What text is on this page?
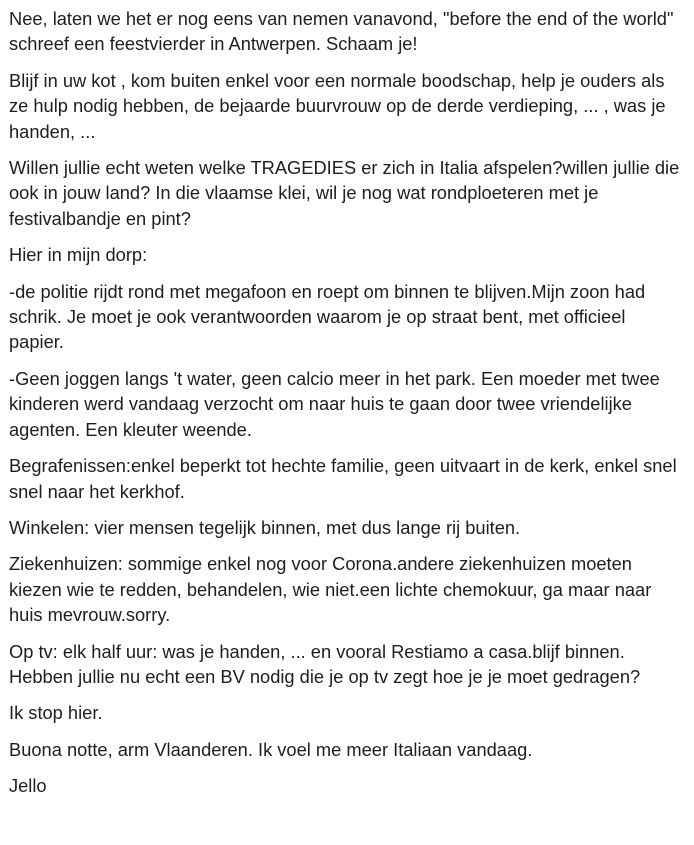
Nee, laten we het er nog eens van nemen vanavond, "before the end of the world" schreef een feestvierder in Antwerpen. Schaam je!

Blijf in uw kot , kom buiten enkel voor een normale boodschap, help je ouders als ze hulp nodig hebben, de bejaarde buurvrouw op de derde verdieping, ... , was je handen, ...

Willen jullie echt weten welke TRAGEDIES er zich in Italia afspelen?willen jullie die ook in jouw land? In die vlaamse klei, wil je nog wat rondploeteren met je festivalbandje en pint?

Hier in mijn dorp:

-de politie rijdt rond met megafoon en roept om binnen te blijven.Mijn zoon had schrik. Je moet je ook verantwoorden waarom je op straat bent, met officieel papier.

-Geen joggen langs 't water, geen calcio meer in het park. Een moeder met twee kinderen werd vandaag verzocht om naar huis te gaan door twee vriendelijke agenten. Een kleuter weende.

Begrafenissen:enkel beperkt tot hechte familie, geen uitvaart in de kerk, enkel snel snel naar het kerkhof.

Winkelen: vier mensen tegelijk binnen, met dus lange rij buiten.

Ziekenhuizen: sommige enkel nog voor Corona.andere ziekenhuizen moeten kiezen wie te redden, behandelen, wie niet.een lichte chemokuur, ga maar naar huis mevrouw.sorry.

Op tv: elk half uur: was je handen, ... en vooral Restiamo a casa.blijf binnen. Hebben jullie nu echt een BV nodig die je op tv zegt hoe je je moet gedragen?

Ik stop hier.

Buona notte, arm Vlaanderen. Ik voel me meer Italiaan vandaag.

Jello
